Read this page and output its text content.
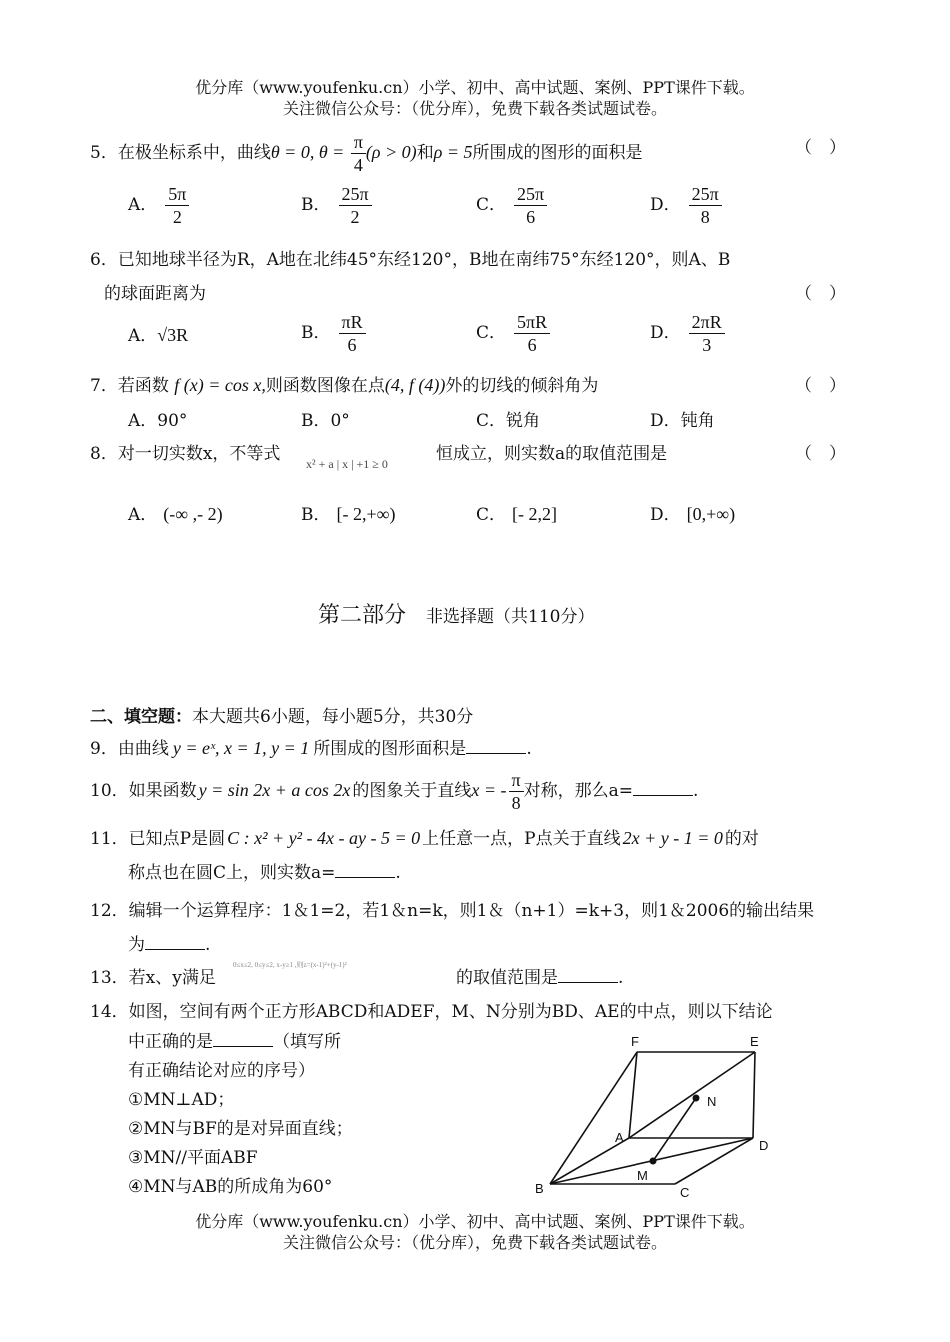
优分库（www.youfenku.cn）小学、初中、高中试题、案例、PPT课件下载。
关注微信公众号：（优分库），免费下载各类试题试卷。
5．在极坐标系中，曲线θ = 0, $\theta = \frac{\pi}{4} (\rho > 0)$和ρ = 5所围成的图形的面积是	（　）
A． $\frac{5\pi}{2}$	B． $\frac{25\pi}{2}$	C． $\frac{25\pi}{6}$	D． $\frac{25\pi}{8}$
6．已知地球半径为R，A地在北纬45°东经120°，B地在南纬75°东经120°，则A、B
的球面距离为	（　）
A．√3R	B． $\frac{\pi R}{6}$	C． $\frac{5\pi R}{6}$	D． $\frac{2\pi R}{3}$
7．若函数 f (x) = cos x,则函数图像在点(4, f (4))外的切线的倾斜角为	（　）
A．90°	B．0°	C．锐角	D．钝角
8．对一切实数x，不等式 x² + a | x | +1 ≥ 0	恒成立，则实数a的取值范围是	（　）
A． (-∞ ,- 2)	B． [- 2,+∞)	C． [- 2,2]	D． [0,+∞)
第二部分 非选择题（共110分）
二、填空题：本大题共6小题，每小题5分，共30分
9．由曲线 y = eˣ, x = 1, y = 1 所围成的图形面积是	.
10．如果函数 y = sin 2x + a cos 2x 的图象关于直线x = - $\frac{\pi}{8}$ 对称，那么a=	.
11．已知点P是圆 C : x² + y² - 4x - ay - 5 = 0 上任意一点，P点关于直线 2x + y - 1 = 0 的对
称点也在圆C上，则实数a=	.
12．编辑一个运算程序：1＆1=2，若1＆n=k，则1＆（n+1）=k+3，则1＆2006的输出结果
为	.
13．若x、y满足
0≤x≤2, 0≤y≤2, x-y≥1 ,则z=(x-1)²+(y-1)²
的取值范围是	.
14．如图，空间有两个正方形ABCD和ADEF，M、N分别为BD、AE的中点，则以下结论
中正确的是	（填写所
有正确结论对应的序号）
①MN⊥AD；
②MN与BF的是对异面直线；
③MN//平面ABF
④MN与AB的所成角为60°
F	E
N
A
D
M
B	C
优分库（www.youfenku.cn）小学、初中、高中试题、案例、PPT课件下载。
关注微信公众号：（优分库），免费下载各类试题试卷。
